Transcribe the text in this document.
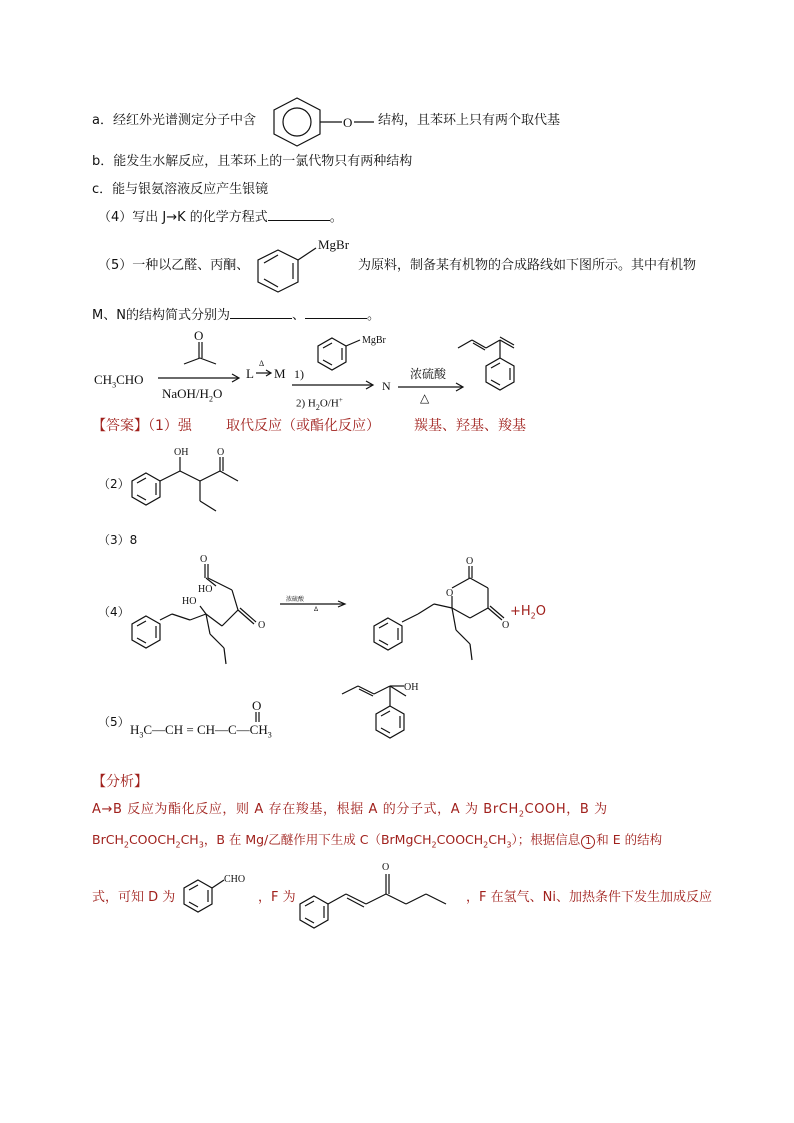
a．经红外光谱测定分子中含	O 结构，且苯环上只有两个取代基
b．能发生水解反应，且苯环上的一氯代物只有两种结构
c．能与银氨溶液反应产生银镜
（4）写出 J→K 的化学方程式	。
（5）一种以乙醛、丙酮、
MgBr
为原料，制备某有机物的合成路线如下图所示。其中有机物
M、N的结构简式分别为	、	。
$CH_3CHO$
O
NaOH/$H_2O$
L
Δ
M 1)
MgBr
2) $H_2O/H^+$
N
浓硫酸
△
【答案】（1）强 取代反应（或酯化反应） 羰基、羟基、羧基
（2）
OH	O
（3）8
（4）
O
HO
O
HO	浓硫酸
Δ
O
O
O
$+H_2O$
（5） $H_3C—CH$ = $CH—C—CH_3$
O
OH
【分析】
A→B 反应为酯化反应，则 A 存在羧基，根据 A 的分子式，A 为 BrCH$_2$COOH，B 为
$BrCH_2COOCH_2CH_3$，B 在 Mg/乙醚作用下生成 $C(BrMgCH_2COOCH_2CH_3)$；根据信息 1 和 E 的结构
式，可知 D 为
CHO
，F 为
O
，F 在氢气、Ni、加热条件下发生加成反应
